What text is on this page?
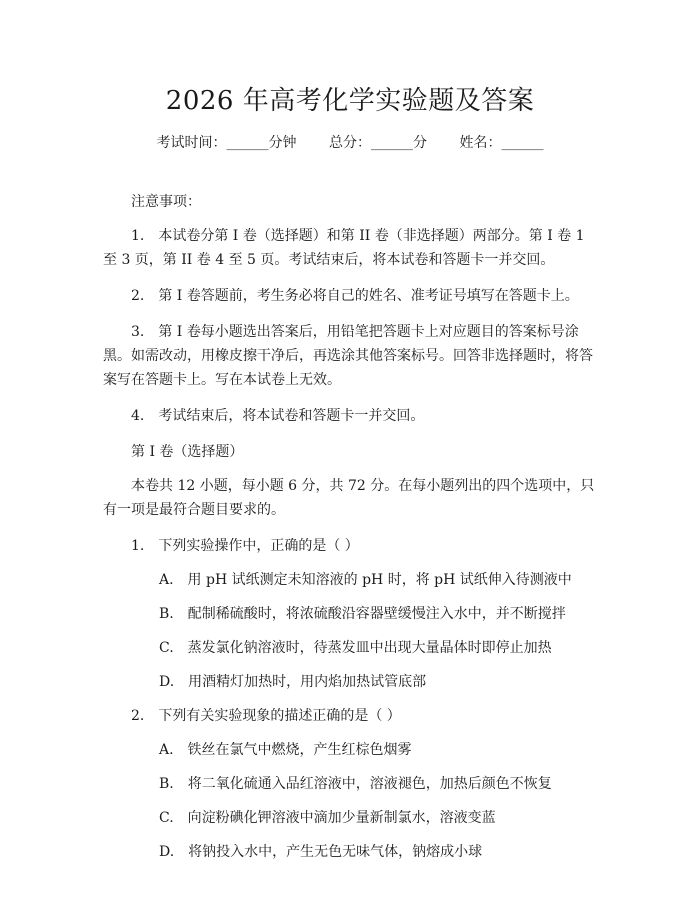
2026 年高考化学实验题及答案
考试时间：______分钟 总分：______分 姓名：______
注意事项：
1.　本试卷分第 I 卷（选择题）和第 II 卷（非选择题）两部分。第 I 卷 1 至 3 页，第 II 卷 4 至 5 页。考试结束后，将本试卷和答题卡一并交回。
2.　第 I 卷答题前，考生务必将自己的姓名、准考证号填写在答题卡上。
3.　第 I 卷每小题选出答案后，用铅笔把答题卡上对应题目的答案标号涂黑。如需改动，用橡皮擦干净后，再选涂其他答案标号。回答非选择题时，将答案写在答题卡上。写在本试卷上无效。
4.　考试结束后，将本试卷和答题卡一并交回。
第 I 卷（选择题）
本卷共 12 小题，每小题 6 分，共 72 分。在每小题列出的四个选项中，只有一项是最符合题目要求的。
1.　下列实验操作中，正确的是（ ）
A.　用 pH 试纸测定未知溶液的 pH 时，将 pH 试纸伸入待测液中
B.　配制稀硫酸时，将浓硫酸沿容器壁缓慢注入水中，并不断搅拌
C.　蒸发氯化钠溶液时，待蒸发皿中出现大量晶体时即停止加热
D.　用酒精灯加热时，用内焰加热试管底部
2.　下列有关实验现象的描述正确的是（ ）
A.　铁丝在氯气中燃烧，产生红棕色烟雾
B.　将二氧化硫通入品红溶液中，溶液褪色，加热后颜色不恢复
C.　向淀粉碘化钾溶液中滴加少量新制氯水，溶液变蓝
D.　将钠投入水中，产生无色无味气体，钠熔成小球
